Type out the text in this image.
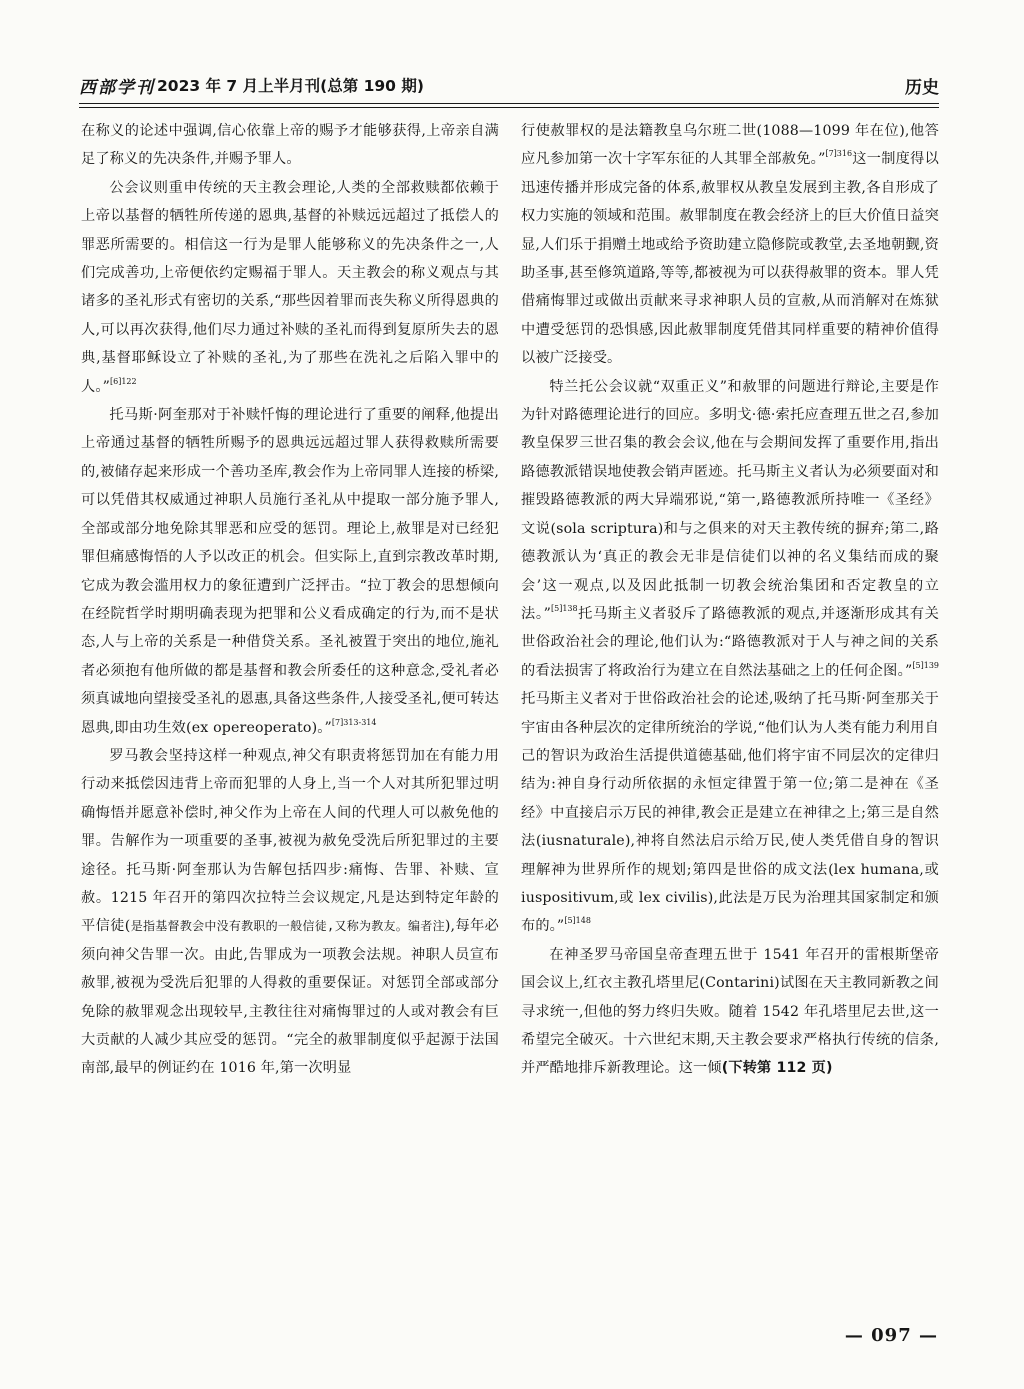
西部学刊 2023 年 7 月上半月刊(总第 190 期)	历史

在称义的论述中强调,信心依靠上帝的赐予才能够获得,上帝亲自满足了称义的先决条件,并赐予罪人。

公会议则重申传统的天主教会理论,人类的全部救赎都依赖于上帝以基督的牺牲所传递的恩典,基督的补赎远远超过了抵偿人的罪恶所需要的。相信这一行为是罪人能够称义的先决条件之一,人们完成善功,上帝便依约定赐福于罪人。天主教会的称义观点与其诸多的圣礼形式有密切的关系,“那些因着罪而丧失称义所得恩典的人,可以再次获得,他们尽力通过补赎的圣礼而得到复原所失去的恩典,基督耶稣设立了补赎的圣礼,为了那些在洗礼之后陷入罪中的人。”$^{[6]122}$

托马斯·阿奎那对于补赎忏悔的理论进行了重要的阐释,他提出上帝通过基督的牺牲所赐予的恩典远远超过罪人获得救赎所需要的,被储存起来形成一个善功圣库,教会作为上帝同罪人连接的桥梁,可以凭借其权威通过神职人员施行圣礼从中提取一部分施予罪人,全部或部分地免除其罪恶和应受的惩罚。理论上,赦罪是对已经犯罪但痛感悔悟的人予以改正的机会。但实际上,直到宗教改革时期,它成为教会滥用权力的象征遭到广泛抨击。“拉丁教会的思想倾向在经院哲学时期明确表现为把罪和公义看成确定的行为,而不是状态,人与上帝的关系是一种借贷关系。圣礼被置于突出的地位,施礼者必须抱有他所做的都是基督和教会所委任的这种意念,受礼者必须真诚地向望接受圣礼的恩惠,具备这些条件,人接受圣礼,便可转达恩典,即由功生效(ex opereoperato)。”$^{[7]313-314}$

罗马教会坚持这样一种观点,神父有职责将惩罚加在有能力用行动来抵偿因违背上帝而犯罪的人身上,当一个人对其所犯罪过明确悔悟并愿意补偿时,神父作为上帝在人间的代理人可以赦免他的罪。告解作为一项重要的圣事,被视为赦免受洗后所犯罪过的主要途径。托马斯·阿奎那认为告解包括四步:痛悔、告罪、补赎、宣赦。1215 年召开的第四次拉特兰会议规定,凡是达到特定年龄的平信徒(是指基督教会中没有教职的一般信徒,又称为教友。编者注),每年必须向神父告罪一次。由此,告罪成为一项教会法规。神职人员宣布赦罪,被视为受洗后犯罪的人得救的重要保证。对惩罚全部或部分免除的赦罪观念出现较早,主教往往对痛悔罪过的人或对教会有巨大贡献的人减少其应受的惩罚。“完全的赦罪制度似乎起源于法国南部,最早的例证约在 1016 年,第一次明显

行使赦罪权的是法籍教皇乌尔班二世(1088—1099 年在位),他答应凡参加第一次十字军东征的人其罪全部赦免。”$^{[7]316}$这一制度得以迅速传播并形成完备的体系,赦罪权从教皇发展到主教,各自形成了权力实施的领域和范围。赦罪制度在教会经济上的巨大价值日益突显,人们乐于捐赠土地或给予资助建立隐修院或教堂,去圣地朝觐,资助圣事,甚至修筑道路,等等,都被视为可以获得赦罪的资本。罪人凭借痛悔罪过或做出贡献来寻求神职人员的宣赦,从而消解对在炼狱中遭受惩罚的恐惧感,因此赦罪制度凭借其同样重要的精神价值得以被广泛接受。

特兰托公会议就“双重正义”和赦罪的问题进行辩论,主要是作为针对路德理论进行的回应。多明戈·德·索托应查理五世之召,参加教皇保罗三世召集的教会会议,他在与会期间发挥了重要作用,指出路德教派错误地使教会销声匿迹。托马斯主义者认为必须要面对和摧毁路德教派的两大异端邪说,“第一,路德教派所持唯一《圣经》文说(sola scriptura)和与之俱来的对天主教传统的摒弃;第二,路德教派认为‘真正的教会无非是信徒们以神的名义集结而成的聚会’这一观点,以及因此抵制一切教会统治集团和否定教皇的立法。”$^{[5]138}$托马斯主义者驳斥了路德教派的观点,并逐渐形成其有关世俗政治社会的理论,他们认为:“路德教派对于人与神之间的关系的看法损害了将政治行为建立在自然法基础之上的任何企图。”$^{[5]139}$托马斯主义者对于世俗政治社会的论述,吸纳了托马斯·阿奎那关于宇宙由各种层次的定律所统治的学说,“他们认为人类有能力利用自己的智识为政治生活提供道德基础,他们将宇宙不同层次的定律归结为:神自身行动所依据的永恒定律置于第一位;第二是神在《圣经》中直接启示万民的神律,教会正是建立在神律之上;第三是自然法(iusnaturale),神将自然法启示给万民,使人类凭借自身的智识理解神为世界所作的规划;第四是世俗的成文法(lex humana,或 iuspositivum,或 lex civilis),此法是万民为治理其国家制定和颁布的。”$^{[5]148}$

在神圣罗马帝国皇帝查理五世于 1541 年召开的雷根斯堡帝国会议上,红衣主教孔塔里尼(Contarini)试图在天主教同新教之间寻求统一,但他的努力终归失败。随着 1542 年孔塔里尼去世,这一希望完全破灭。十六世纪末期,天主教会要求严格执行传统的信条,并严酷地排斥新教理论。这一倾(下转第 112 页)

— 097 —
